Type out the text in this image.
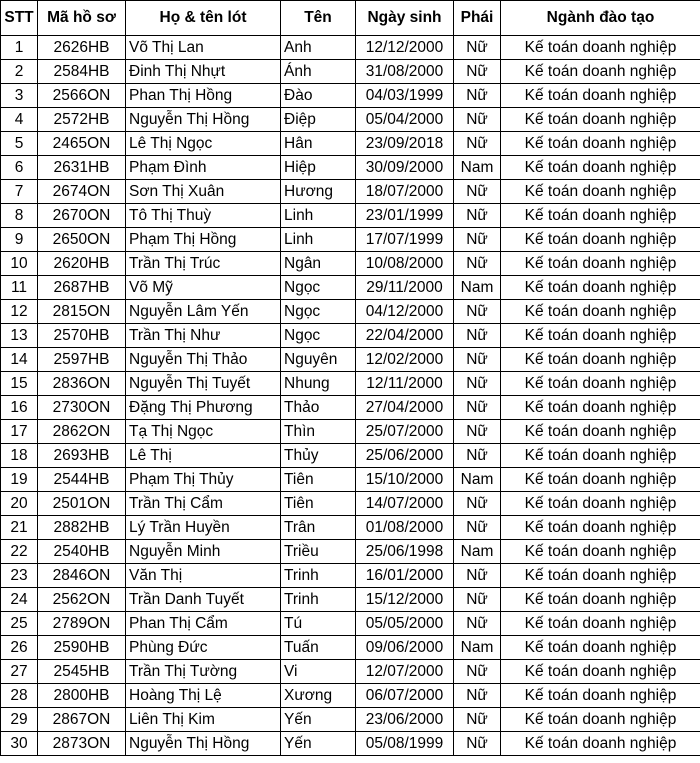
STT	Mã hồ sơ	Họ & tên lót	Tên	Ngày sinh	Phái	Ngành đào tạo
1	2626HB	Võ Thị Lan	Anh	12/12/2000	Nữ	Kế toán doanh nghiệp
2	2584HB	Đinh Thị Nhựt	Ánh	31/08/2000	Nữ	Kế toán doanh nghiệp
3	2566ON	Phan Thị Hồng	Đào	04/03/1999	Nữ	Kế toán doanh nghiệp
4	2572HB	Nguyễn Thị Hồng	Điệp	05/04/2000	Nữ	Kế toán doanh nghiệp
5	2465ON	Lê Thị Ngọc	Hân	23/09/2018	Nữ	Kế toán doanh nghiệp
6	2631HB	Phạm Đình	Hiệp	30/09/2000	Nam	Kế toán doanh nghiệp
7	2674ON	Sơn Thị Xuân	Hương	18/07/2000	Nữ	Kế toán doanh nghiệp
8	2670ON	Tô Thị Thuỳ	Linh	23/01/1999	Nữ	Kế toán doanh nghiệp
9	2650ON	Phạm Thị Hồng	Linh	17/07/1999	Nữ	Kế toán doanh nghiệp
10	2620HB	Trần Thị Trúc	Ngân	10/08/2000	Nữ	Kế toán doanh nghiệp
11	2687HB	Võ Mỹ	Ngọc	29/11/2000	Nam	Kế toán doanh nghiệp
12	2815ON	Nguyễn Lâm Yến	Ngọc	04/12/2000	Nữ	Kế toán doanh nghiệp
13	2570HB	Trần Thị Như	Ngọc	22/04/2000	Nữ	Kế toán doanh nghiệp
14	2597HB	Nguyễn Thị Thảo	Nguyên	12/02/2000	Nữ	Kế toán doanh nghiệp
15	2836ON	Nguyễn Thị Tuyết	Nhung	12/11/2000	Nữ	Kế toán doanh nghiệp
16	2730ON	Đặng Thị Phương	Thảo	27/04/2000	Nữ	Kế toán doanh nghiệp
17	2862ON	Tạ Thị Ngọc	Thìn	25/07/2000	Nữ	Kế toán doanh nghiệp
18	2693HB	Lê Thị	Thủy	25/06/2000	Nữ	Kế toán doanh nghiệp
19	2544HB	Phạm Thị Thủy	Tiên	15/10/2000	Nam	Kế toán doanh nghiệp
20	2501ON	Trần Thị Cẩm	Tiên	14/07/2000	Nữ	Kế toán doanh nghiệp
21	2882HB	Lý Trần Huyền	Trân	01/08/2000	Nữ	Kế toán doanh nghiệp
22	2540HB	Nguyễn Minh	Triều	25/06/1998	Nam	Kế toán doanh nghiệp
23	2846ON	Văn Thị	Trinh	16/01/2000	Nữ	Kế toán doanh nghiệp
24	2562ON	Trần Danh Tuyết	Trinh	15/12/2000	Nữ	Kế toán doanh nghiệp
25	2789ON	Phan Thị Cẩm	Tú	05/05/2000	Nữ	Kế toán doanh nghiệp
26	2590HB	Phùng Đức	Tuấn	09/06/2000	Nam	Kế toán doanh nghiệp
27	2545HB	Trần Thị Tường	Vi	12/07/2000	Nữ	Kế toán doanh nghiệp
28	2800HB	Hoàng Thị Lệ	Xương	06/07/2000	Nữ	Kế toán doanh nghiệp
29	2867ON	Liên Thị Kim	Yến	23/06/2000	Nữ	Kế toán doanh nghiệp
30	2873ON	Nguyễn Thị Hồng	Yến	05/08/1999	Nữ	Kế toán doanh nghiệp
